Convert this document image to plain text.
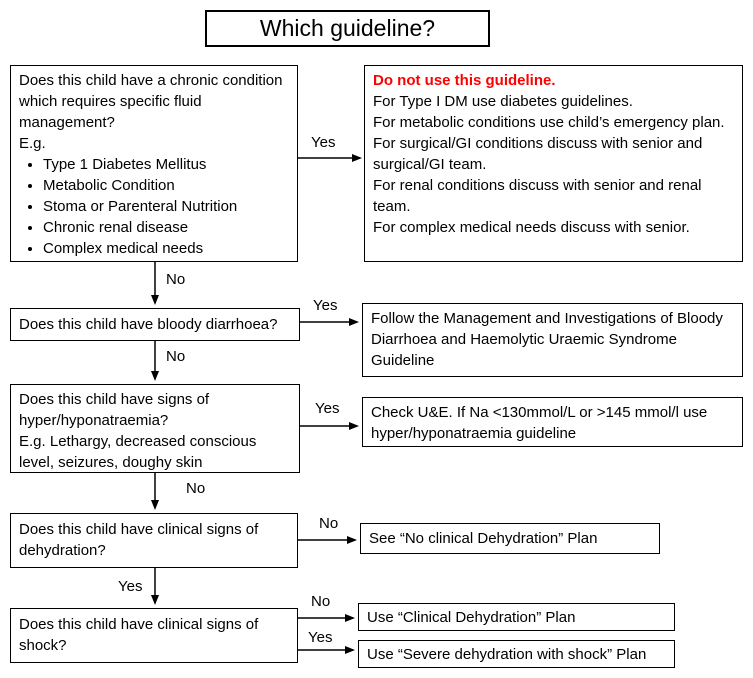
Which guideline?

Does this child have a chronic condition which requires specific fluid management?

E.g.

• Type 1 Diabetes Mellitus
• Metabolic Condition
• Stoma or Parenteral Nutrition
• Chronic renal disease
• Complex medical needs

Do not use this guideline.

For Type I DM use diabetes guidelines.

For metabolic conditions use child’s emergency plan.

For surgical/GI conditions discuss with senior and surgical/GI team.

For renal conditions discuss with senior and renal team.

For complex medical needs discuss with senior.

Does this child have bloody diarrhoea?	Follow the Management and Investigations of Bloody Diarrhoea and Haemolytic Uraemic Syndrome Guideline

Does this child have signs of hyper/hyponatraemia?

E.g. Lethargy, decreased conscious level, seizures, doughy skin

Check U&E. If Na <130mmol/L or >145 mmol/l use hyper/hyponatraemia guideline

Does this child have clinical signs of dehydration?

See “No clinical Dehydration” Plan

Does this child have clinical signs of shock?

Use “Clinical Dehydration” Plan

Use “Severe dehydration with shock” Plan

Yes
No
Yes
No
Yes
No
No
Yes
No
Yes
